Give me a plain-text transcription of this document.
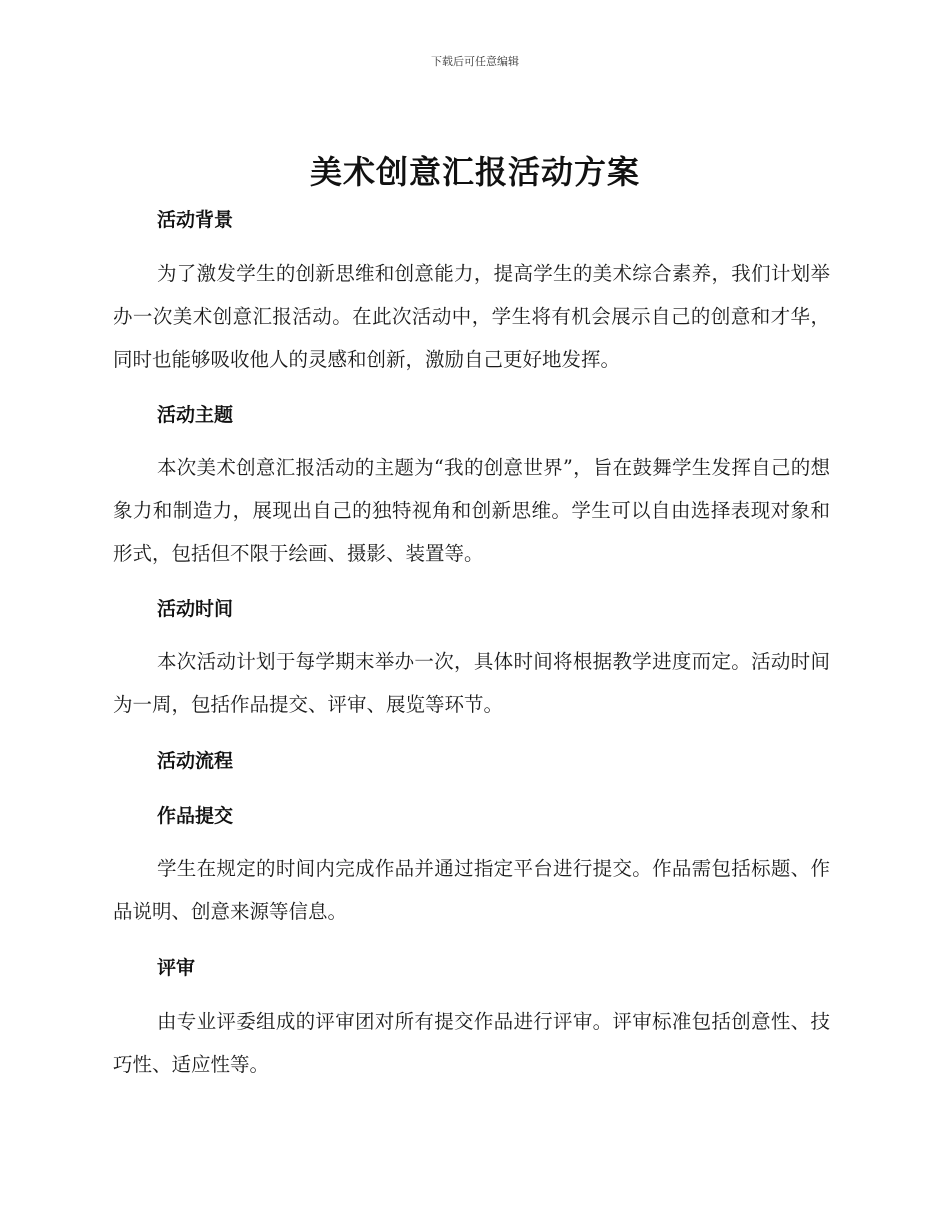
下载后可任意编辑
美术创意汇报活动方案
活动背景
为了激发学生的创新思维和创意能力，提高学生的美术综合素养，我们计划举办一次美术创意汇报活动。在此次活动中，学生将有机会展示自己的创意和才华，同时也能够吸收他人的灵感和创新，激励自己更好地发挥。
活动主题
本次美术创意汇报活动的主题为“我的创意世界”，旨在鼓舞学生发挥自己的想象力和制造力，展现出自己的独特视角和创新思维。学生可以自由选择表现对象和形式，包括但不限于绘画、摄影、装置等。
活动时间
本次活动计划于每学期末举办一次，具体时间将根据教学进度而定。活动时间为一周，包括作品提交、评审、展览等环节。
活动流程
作品提交
学生在规定的时间内完成作品并通过指定平台进行提交。作品需包括标题、作品说明、创意来源等信息。
评审
由专业评委组成的评审团对所有提交作品进行评审。评审标准包括创意性、技巧性、适应性等。
